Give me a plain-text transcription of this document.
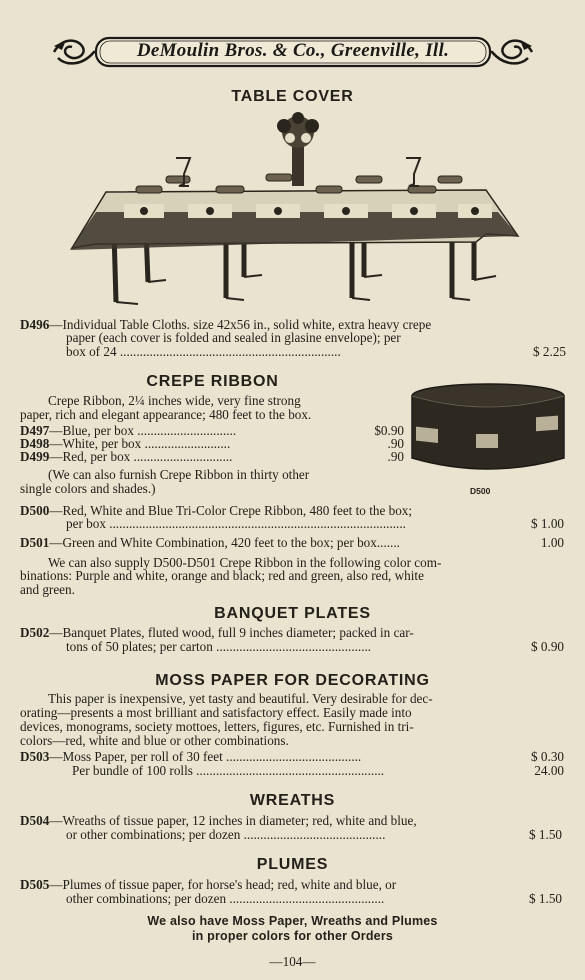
DeMoulin Bros. & Co., Greenville, Ill.
TABLE COVER
D496—Individual Table Cloths. size 42x56 in., solid white, extra heavy crepe
paper (each cover is folded and sealed in glasine envelope); per
box of 24 ...................................................................	$ 2.25
CREPE RIBBON
Crepe Ribbon, 2¼ inches wide, very fine strong
paper, rich and elegant appearance; 480 feet to the box.
D497—Blue, per box ..............................	$0.90
D498—White, per box ..........................	.90
D499—Red, per box ..............................	.90
(We can also furnish Crepe Ribbon in thirty other
single colors and shades.)	D500
D500—Red, White and Blue Tri-Color Crepe Ribbon, 480 feet to the box;
per box ..........................................................................................	$ 1.00
D501—Green and White Combination, 420 feet to the box; per box.......	1.00
We can also supply D500-D501 Crepe Ribbon in the following color com-
binations: Purple and white, orange and black; red and green, also red, white
and green.
BANQUET PLATES
D502—Banquet Plates, fluted wood, full 9 inches diameter; packed in car-
tons of 50 plates; per carton ...............................................	$ 0.90
MOSS PAPER FOR DECORATING
This paper is inexpensive, yet tasty and beautiful. Very desirable for dec-
orating—presents a most brilliant and satisfactory effect. Easily made into
devices, monograms, society mottoes, letters, figures, etc. Furnished in tri-
colors—red, white and blue or other combinations.
D503—Moss Paper, per roll of 30 feet .........................................	$ 0.30
Per bundle of 100 rolls .........................................................	24.00
WREATHS
D504—Wreaths of tissue paper, 12 inches in diameter; red, white and blue,
or other combinations; per dozen ...........................................	$ 1.50
PLUMES
D505—Plumes of tissue paper, for horse's head; red, white and blue, or
other combinations; per dozen ...............................................	$ 1.50
We also have Moss Paper, Wreaths and Plumes
in proper colors for other Orders
—104—
